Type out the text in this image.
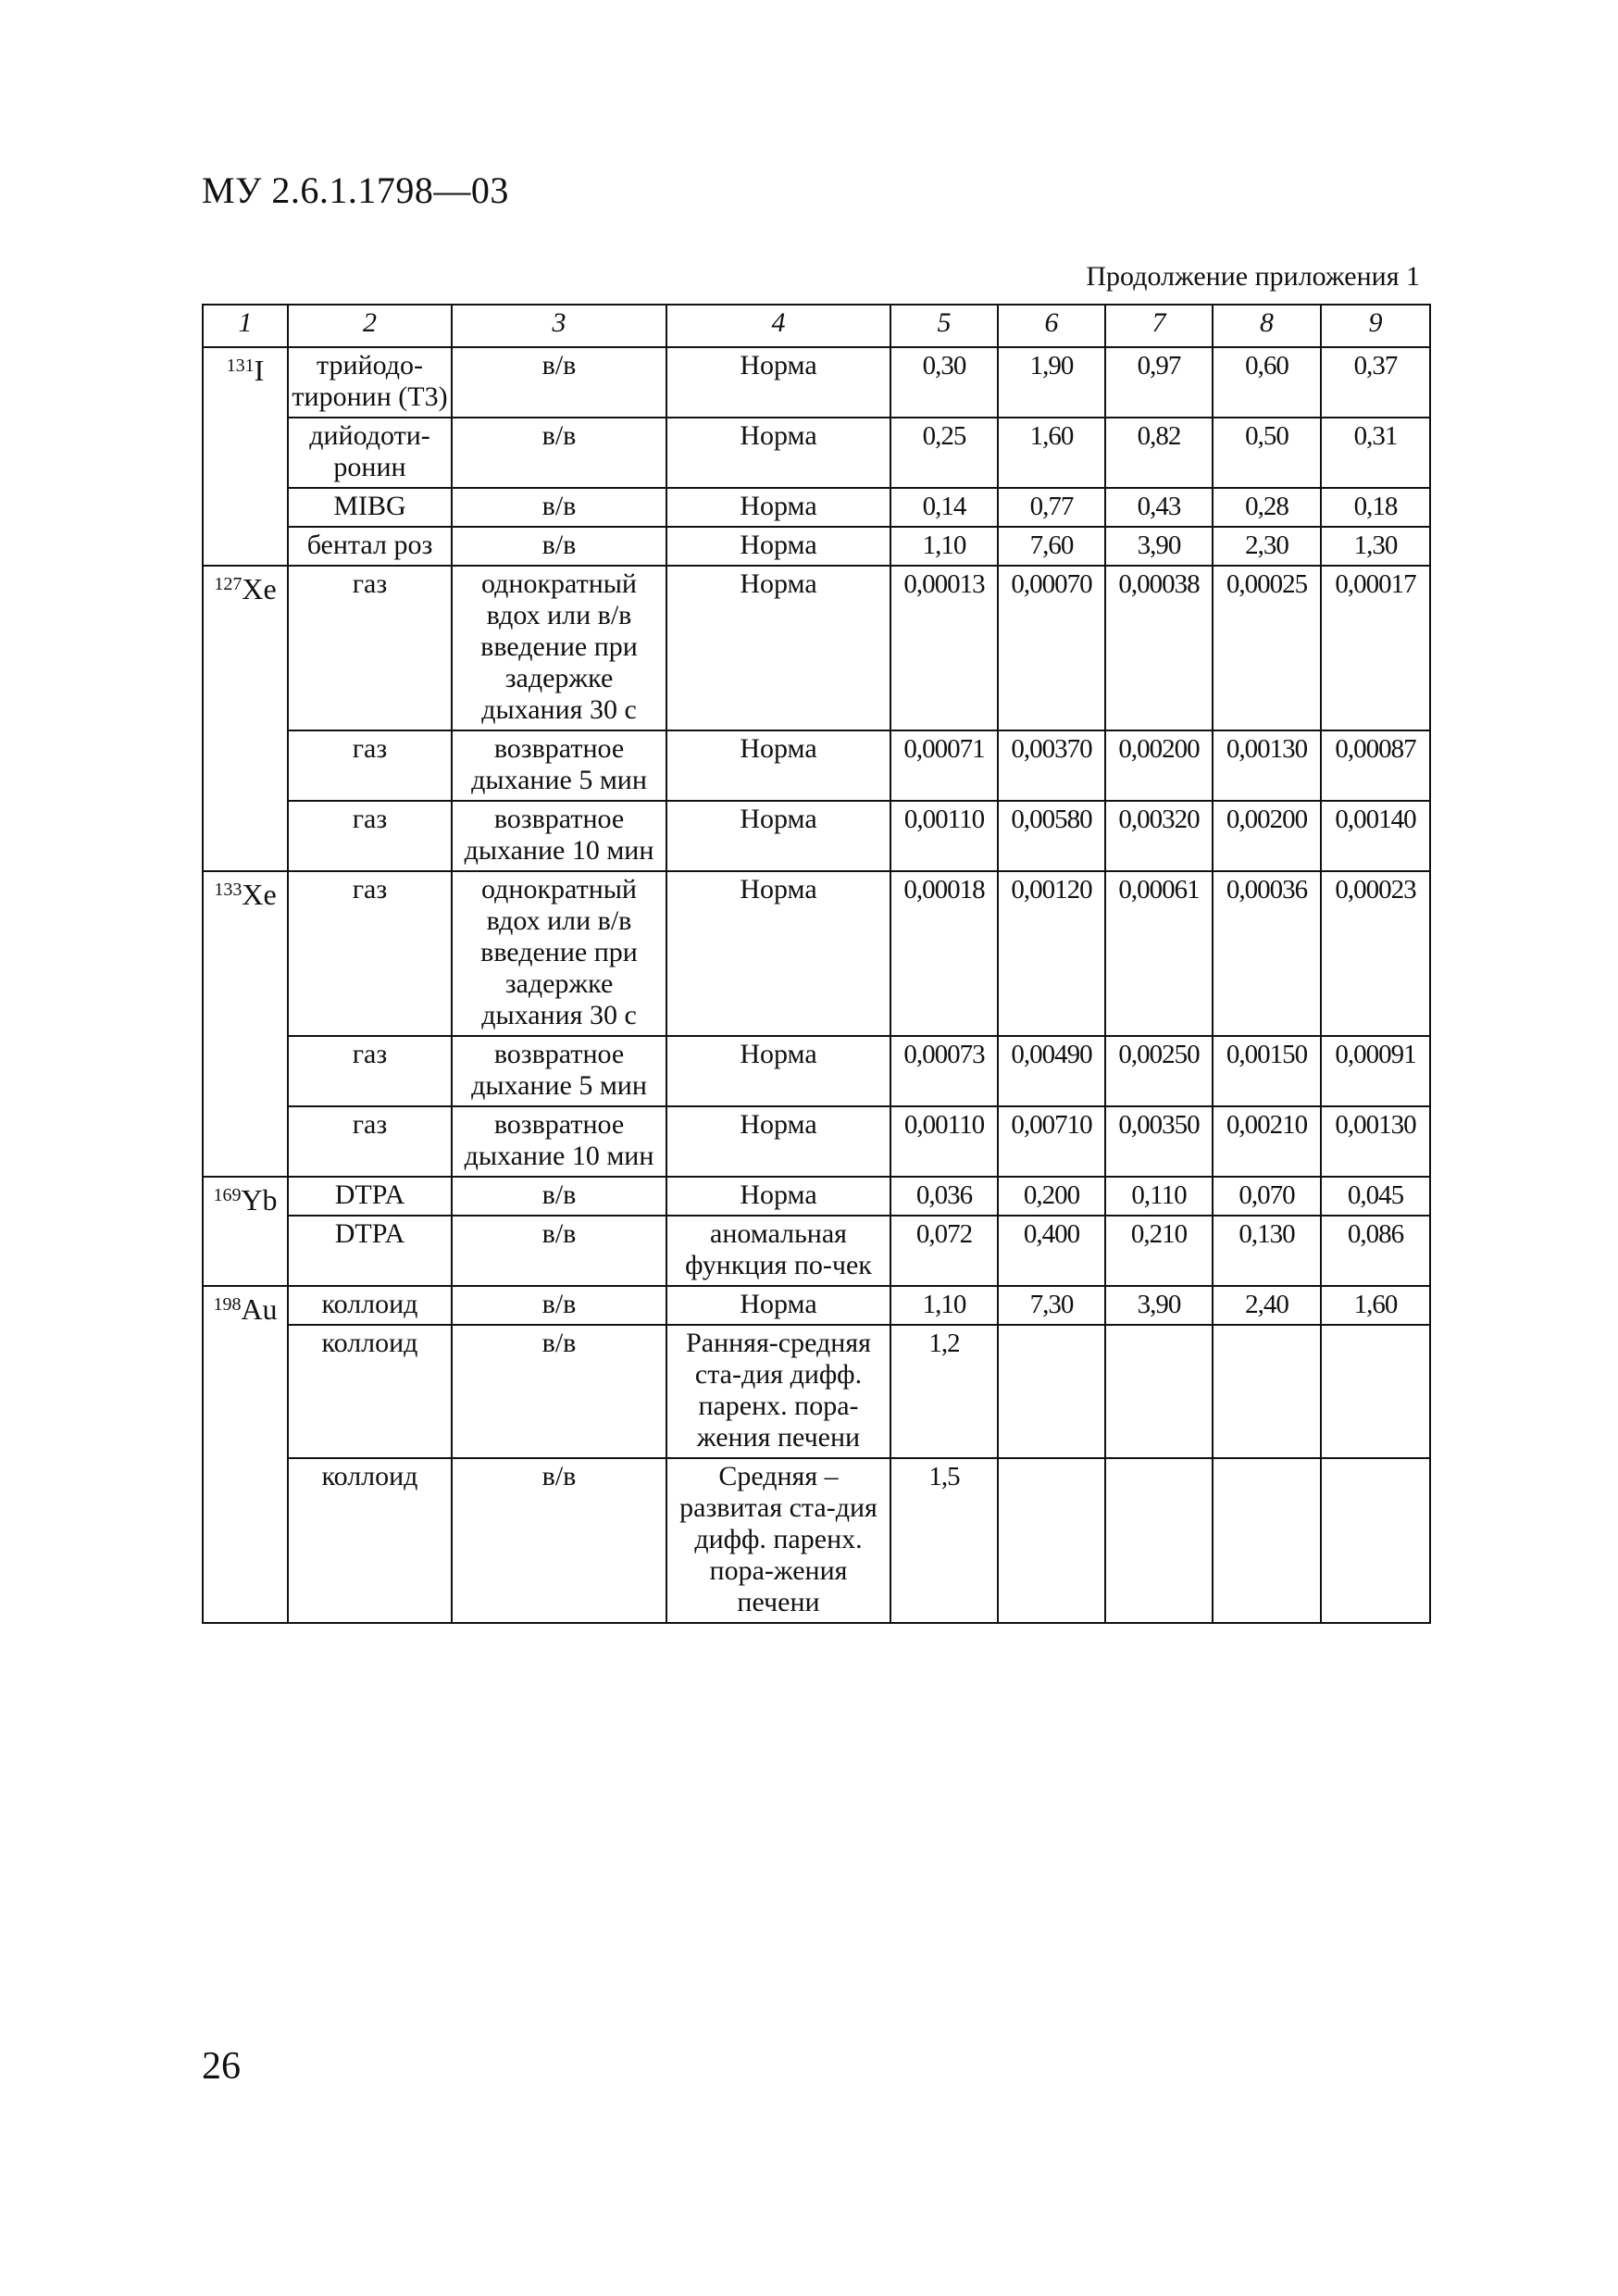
МУ 2.6.1.1798—03
Продолжение приложения 1
1	2	3	4	5	6	7	8	9
$^{131}$I	трийодо-тиронин (Т3)	в/в	Норма	0,30	1,90	0,97	0,60	0,37
	дийодоти-ронин	в/в	Норма	0,25	1,60	0,82	0,50	0,31
	MIBG	в/в	Норма	0,14	0,77	0,43	0,28	0,18
	бентал роз	в/в	Норма	1,10	7,60	3,90	2,30	1,30
$^{127}$Xe	газ	однократный вдох или в/в введение при задержке дыхания 30 с	Норма	0,00013	0,00070	0,00038	0,00025	0,00017
	газ	возвратное дыхание 5 мин	Норма	0,00071	0,00370	0,00200	0,00130	0,00087
	газ	возвратное дыхание 10 мин	Норма	0,00110	0,00580	0,00320	0,00200	0,00140
$^{133}$Xe	газ	однократный вдох или в/в введение при задержке дыхания 30 с	Норма	0,00018	0,00120	0,00061	0,00036	0,00023
	газ	возвратное дыхание 5 мин	Норма	0,00073	0,00490	0,00250	0,00150	0,00091
	газ	возвратное дыхание 10 мин	Норма	0,00110	0,00710	0,00350	0,00210	0,00130
$^{169}$Yb	DTPA	в/в	Норма	0,036	0,200	0,110	0,070	0,045
	DTPA	в/в	аномальная функция по-чек	0,072	0,400	0,210	0,130	0,086
$^{198}$Au	коллоид	в/в	Норма	1,10	7,30	3,90	2,40	1,60
	коллоид	в/в	Ранняя-средняя ста-дия дифф. паренх. пора-жения печени	1,2				
	коллоид	в/в	Средняя – развитая ста-дия дифф. паренх. пора-жения печени	1,5				
26
